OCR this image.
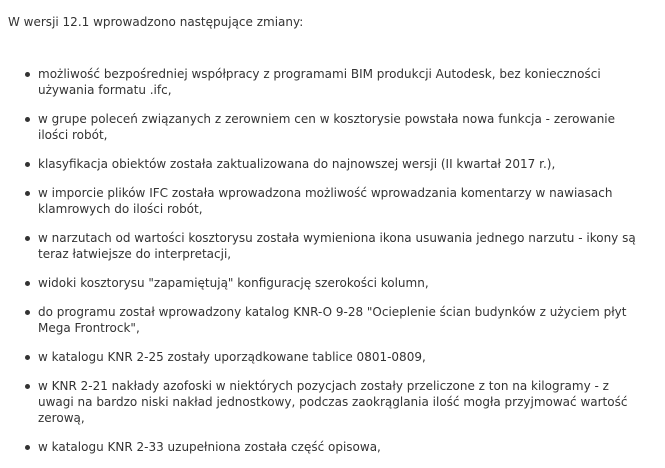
W wersji 12.1 wprowadzono następujące zmiany:
możliwość bezpośredniej współpracy z programami BIM produkcji Autodesk, bez konieczności używania formatu .ifc,
w grupe poleceń związanych z zerowniem cen w kosztorysie powstała nowa funkcja - zerowanie ilości robót,
klasyfikacja obiektów została zaktualizowana do najnowszej wersji (II kwartał 2017 r.),
w imporcie plików IFC została wprowadzona możliwość wprowadzania komentarzy w nawiasach klamrowych do ilości robót,
w narzutach od wartości kosztorysu została wymieniona ikona usuwania jednego narzutu - ikony są teraz łatwiejsze do interpretacji,
widoki kosztorysu "zapamiętują" konfigurację szerokości kolumn,
do programu został wprowadzony katalog KNR-O 9-28 "Ocieplenie ścian budynków z użyciem płyt Mega Frontrock",
w katalogu KNR 2-25 zostały uporządkowane tablice 0801-0809,
w KNR 2-21 nakłady azofoski w niektórych pozycjach zostały przeliczone z ton na kilogramy - z uwagi na bardzo niski nakład jednostkowy, podczas zaokrąglania ilość mogła przyjmować wartość zerową,
w katalogu KNR 2-33 uzupełniona została część opisowa,
